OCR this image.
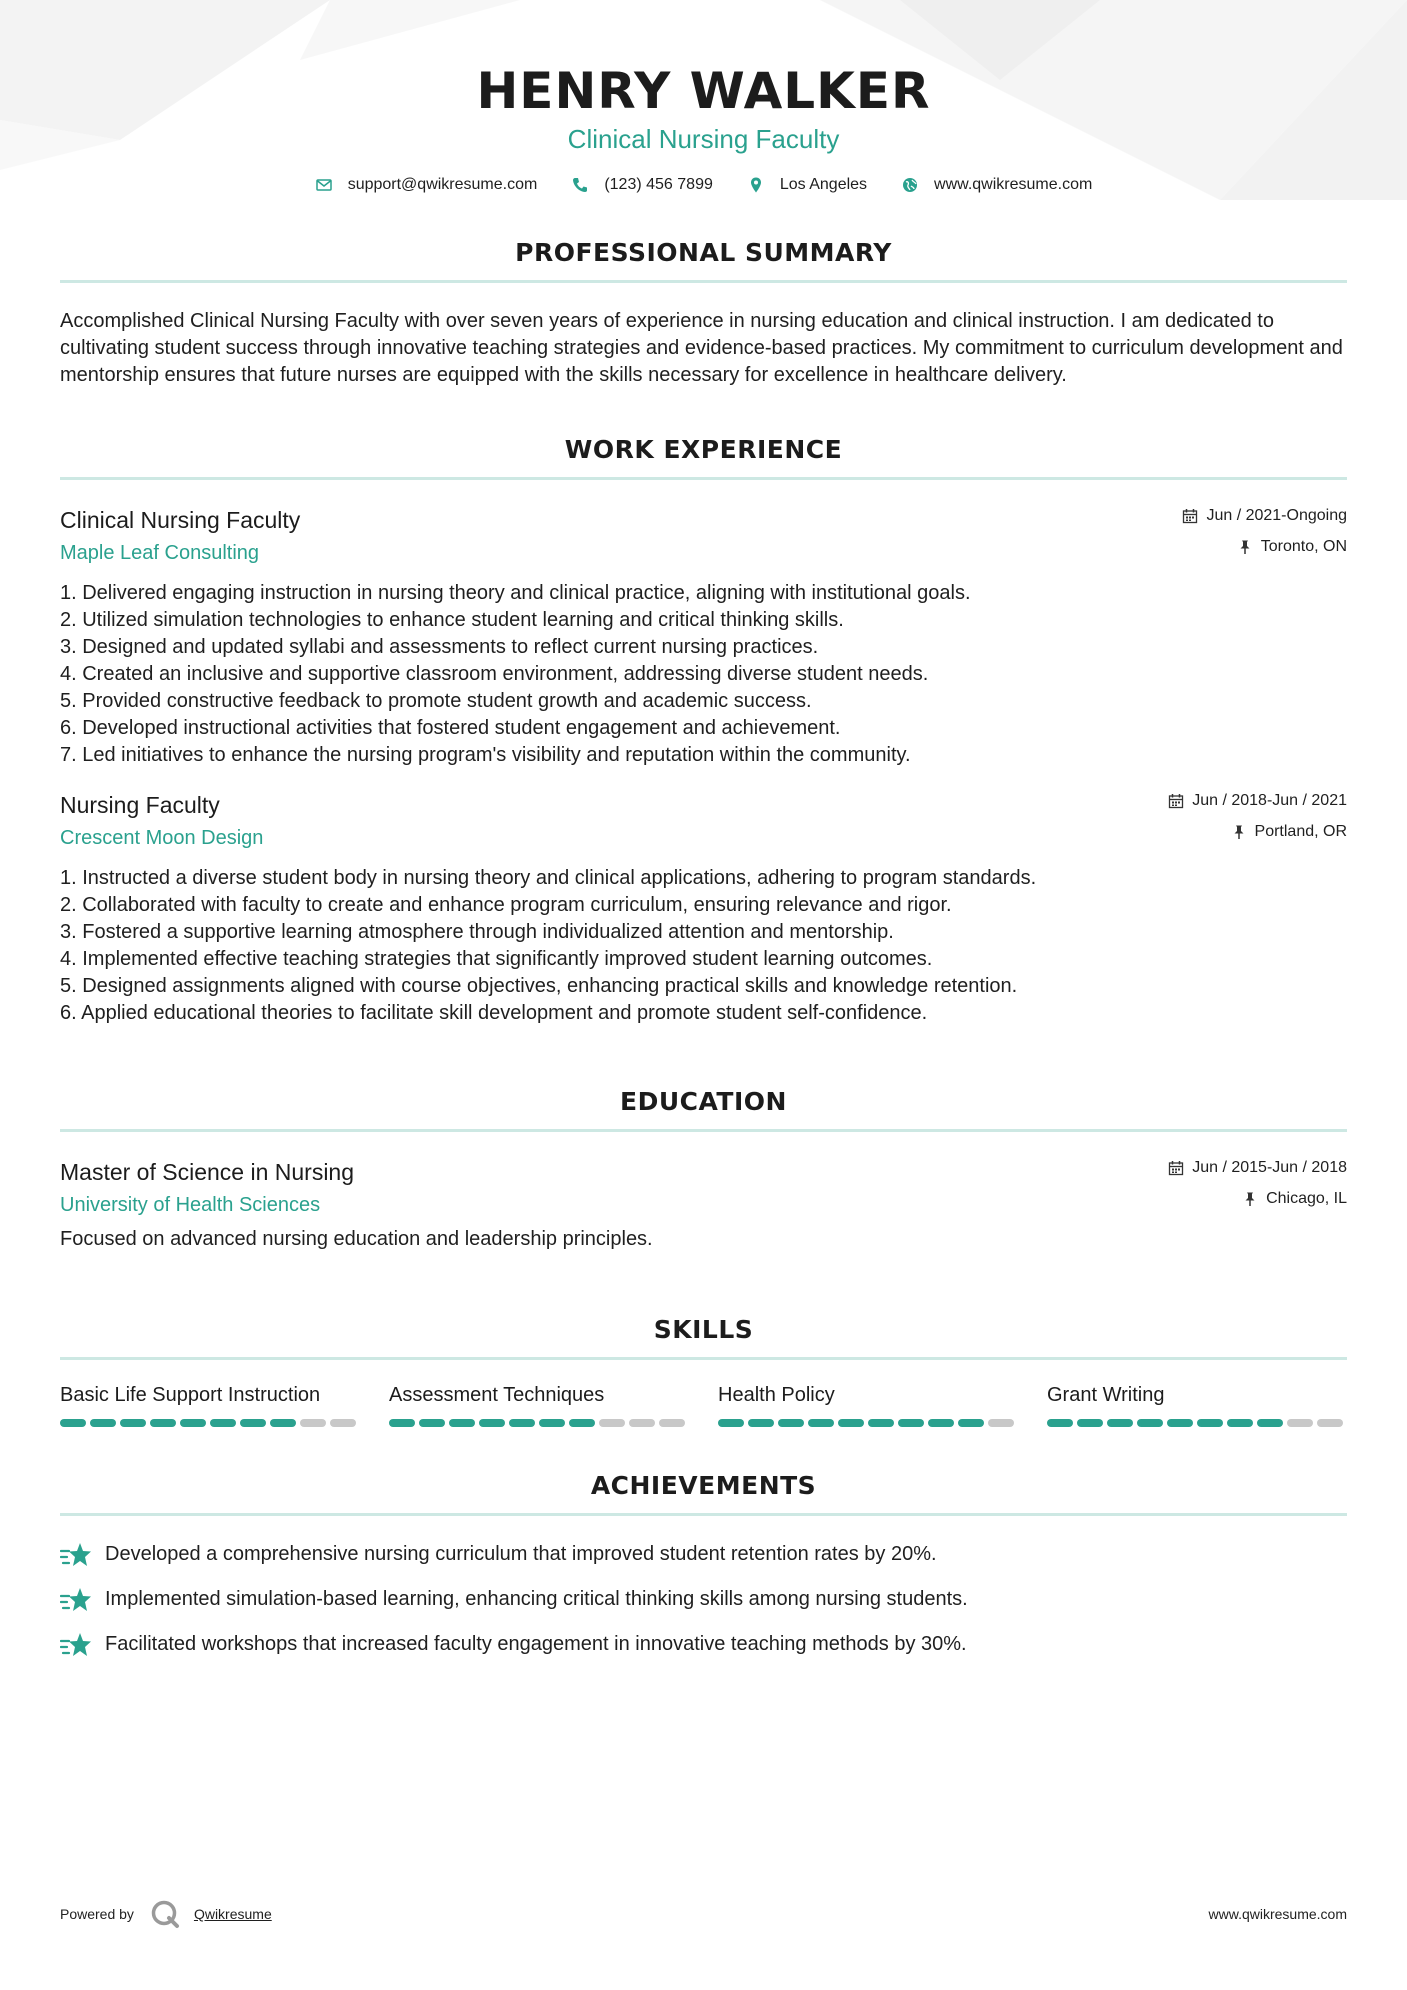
HENRY WALKER
Clinical Nursing Faculty
support@qwikresume.com	(123) 456 7899	Los Angeles	www.qwikresume.com
PROFESSIONAL SUMMARY

Accomplished Clinical Nursing Faculty with over seven years of experience in nursing education and clinical instruction. I am dedicated to cultivating student success through innovative teaching strategies and evidence-based practices. My commitment to curriculum development and mentorship ensures that future nurses are equipped with the skills necessary for excellence in healthcare delivery.

WORK EXPERIENCE
Clinical Nursing Faculty
Maple Leaf Consulting
Jun / 2021-Ongoing
Toronto, ON
1. Delivered engaging instruction in nursing theory and clinical practice, aligning with institutional goals.
2. Utilized simulation technologies to enhance student learning and critical thinking skills.
3. Designed and updated syllabi and assessments to reflect current nursing practices.
4. Created an inclusive and supportive classroom environment, addressing diverse student needs.
5. Provided constructive feedback to promote student growth and academic success.
6. Developed instructional activities that fostered student engagement and achievement.
7. Led initiatives to enhance the nursing program's visibility and reputation within the community.
Nursing Faculty
Crescent Moon Design
Jun / 2018-Jun / 2021
Portland, OR
1. Instructed a diverse student body in nursing theory and clinical applications, adhering to program standards.
2. Collaborated with faculty to create and enhance program curriculum, ensuring relevance and rigor.
3. Fostered a supportive learning atmosphere through individualized attention and mentorship.
4. Implemented effective teaching strategies that significantly improved student learning outcomes.
5. Designed assignments aligned with course objectives, enhancing practical skills and knowledge retention.
6. Applied educational theories to facilitate skill development and promote student self-confidence.
EDUCATION
Master of Science in Nursing
University of Health Sciences
Jun / 2015-Jun / 2018
Chicago, IL

Focused on advanced nursing education and leadership principles.

SKILLS
Basic Life Support Instruction	Assessment Techniques	Health Policy	Grant Writing
ACHIEVEMENTS
Developed a comprehensive nursing curriculum that improved student retention rates by 20%.
Implemented simulation-based learning, enhancing critical thinking skills among nursing students.
Facilitated workshops that increased faculty engagement in innovative teaching methods by 30%.
Powered by	Qwikresume	www.qwikresume.com
